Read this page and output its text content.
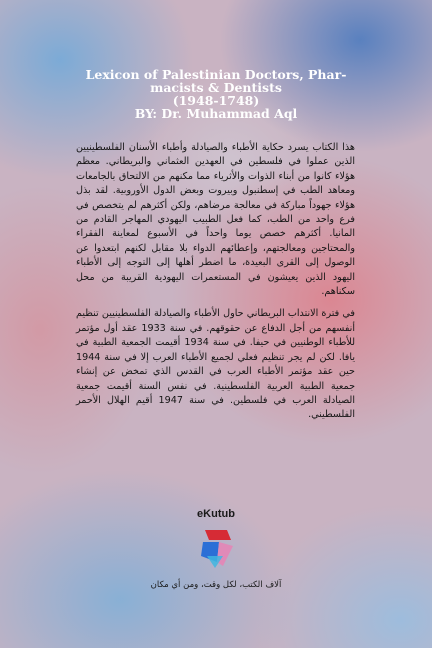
Lexicon of Palestinian Doctors, Phar-
macists & Dentists
(1948-1748)
BY: Dr. Muhammad Aql

هذا الكتاب يسرد حكاية الأطباء والصيادلة وأطباء الأسنان الفلسطينيين الذين عملوا في فلسطين في العهدين العثماني والبريطاني. معظم هؤلاء كانوا من أبناء الذوات والأثرياء مما مكنهم من الالتحاق بالجامعات ومعاهد الطب في إسطنبول وبيروت وبعض الدول الأوروبية. لقد بذل هؤلاء جهوداً مباركة في معالجة مرضاهم، ولكن أكثرهم لم يتخصص في فرع واحد من الطب، كما فعل الطبيب اليهودي المهاجر القادم من المانيا. أكثرهم خصص يوما واحداً في الأسبوع لمعاينة الفقراء والمحتاجين ومعالجتهم، وإعطائهم الدواء بلا مقابل لكنهم ابتعدوا عن الوصول إلى القرى البعيدة، ما اضطر أهلها إلى التوجه إلى الأطباء اليهود الذين يعيشون في المستعمرات اليهودية القريبة من محل سكناهم.

في فترة الانتداب البريطاني حاول الأطباء والصيادلة الفلسطينيين تنظيم أنفسهم من أجل الدفاع عن حقوقهم. في سنة 1933 عقد أول مؤتمر للأطباء الوطنيين في حيفا. في سنة 1934 أقيمت الجمعية الطبية في يافا. لكن لم يجر تنظيم فعلي لجميع الأطباء العرب إلا في سنة 1944 حين عقد مؤتمر الأطباء العرب في القدس الذي تمخض عن إنشاء جمعية الطبية العربية الفلسطينية. في نفس السنة أقيمت جمعية الصيادلة العرب في فلسطين. في سنة 1947 أقيم الهلال الأحمر الفلسطيني.

eKutub
آلاف الكتب، لكل وقت، ومن أي مكان
